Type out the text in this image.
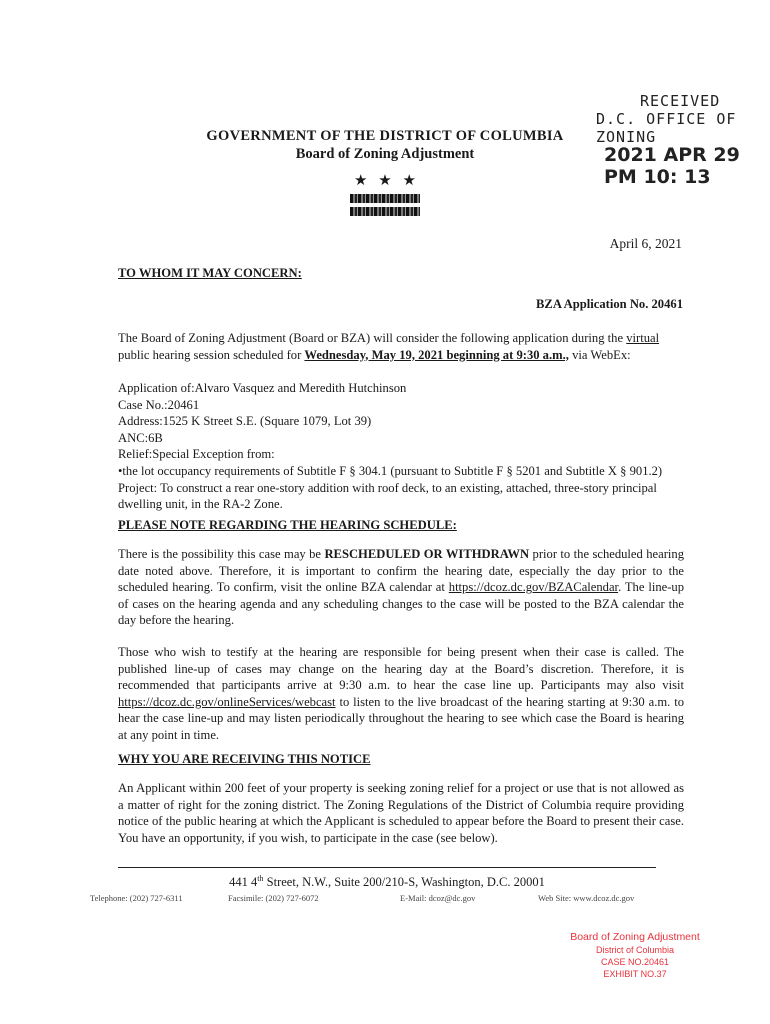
RECEIVED
D.C. OFFICE OF ZONING
2021 APR 29 PM 10: 13
GOVERNMENT OF THE DISTRICT OF COLUMBIA
Board of Zoning Adjustment
★ ★ ★
April 6, 2021
TO WHOM IT MAY CONCERN:
BZA Application No. 20461
The Board of Zoning Adjustment (Board or BZA) will consider the following application during the virtual public hearing session scheduled for Wednesday, May 19, 2021 beginning at 9:30 a.m., via WebEx:
Application of:Alvaro Vasquez and Meredith Hutchinson
Case No.:20461
Address:1525 K Street S.E. (Square 1079, Lot 39)
ANC:6B
Relief:Special Exception from:
•the lot occupancy requirements of Subtitle F § 304.1 (pursuant to Subtitle F § 5201 and Subtitle X § 901.2)
Project: To construct a rear one-story addition with roof deck, to an existing, attached, three-story principal dwelling unit, in the RA-2 Zone.
PLEASE NOTE REGARDING THE HEARING SCHEDULE:
There is the possibility this case may be RESCHEDULED OR WITHDRAWN prior to the scheduled hearing date noted above. Therefore, it is important to confirm the hearing date, especially the day prior to the scheduled hearing. To confirm, visit the online BZA calendar at https://dcoz.dc.gov/BZACalendar. The line-up of cases on the hearing agenda and any scheduling changes to the case will be posted to the BZA calendar the day before the hearing.
Those who wish to testify at the hearing are responsible for being present when their case is called. The published line-up of cases may change on the hearing day at the Board’s discretion. Therefore, it is recommended that participants arrive at 9:30 a.m. to hear the case line up. Participants may also visit https://dcoz.dc.gov/onlineServices/webcast to listen to the live broadcast of the hearing starting at 9:30 a.m. to hear the case line-up and may listen periodically throughout the hearing to see which case the Board is hearing at any point in time.
WHY YOU ARE RECEIVING THIS NOTICE
An Applicant within 200 feet of your property is seeking zoning relief for a project or use that is not allowed as a matter of right for the zoning district. The Zoning Regulations of the District of Columbia require providing notice of the public hearing at which the Applicant is scheduled to appear before the Board to present their case. You have an opportunity, if you wish, to participate in the case (see below).
441 4th Street, N.W., Suite 200/210-S, Washington, D.C. 20001
Telephone: (202) 727-6311	Facsimile: (202) 727-6072	E-Mail: dcoz@dc.gov	Web Site: www.dcoz.dc.gov
Board of Zoning Adjustment
District of Columbia
CASE NO.20461
EXHIBIT NO.37
